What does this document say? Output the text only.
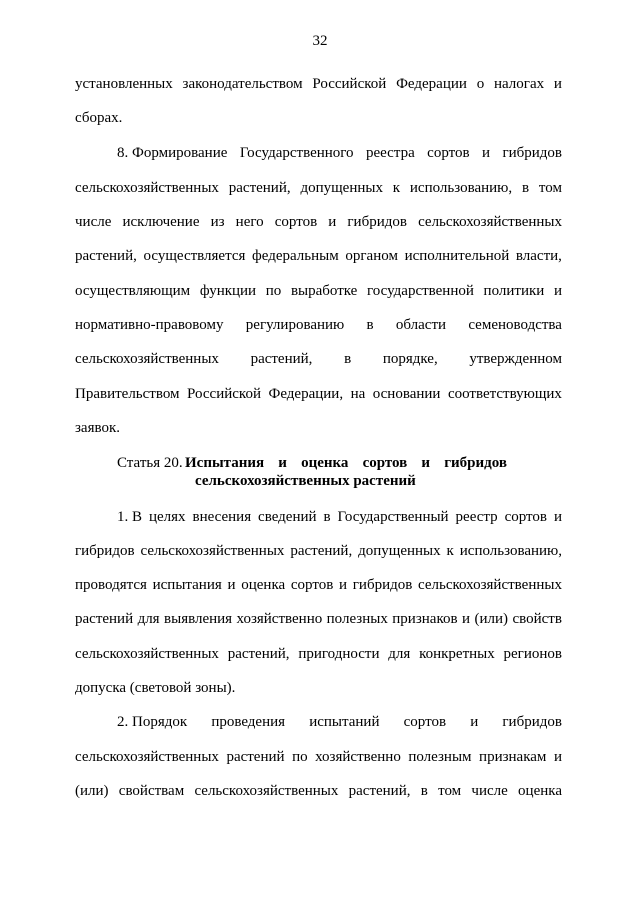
32
установленных законодательством Российской Федерации о налогах и
сборах.
8. Формирование Государственного реестра сортов и гибридов
сельскохозяйственных растений, допущенных к использованию, в том
числе исключение из него сортов и гибридов сельскохозяйственных
растений, осуществляется федеральным органом исполнительной власти,
осуществляющим функции по выработке государственной политики и
нормативно-правовому регулированию в области семеноводства
сельскохозяйственных растений, в порядке, утвержденном
Правительством Российской Федерации, на основании соответствующих
заявок.
Статья 20. Испытания и оценка сортов и гибридов
сельскохозяйственных растений
1. В целях внесения сведений в Государственный реестр сортов и
гибридов сельскохозяйственных растений, допущенных к использованию,
проводятся испытания и оценка сортов и гибридов сельскохозяйственных
растений для выявления хозяйственно полезных признаков и (или) свойств
сельскохозяйственных растений, пригодности для конкретных регионов
допуска (световой зоны).
2. Порядок проведения испытаний сортов и гибридов
сельскохозяйственных растений по хозяйственно полезным признакам и
(или) свойствам сельскохозяйственных растений, в том числе оценка
